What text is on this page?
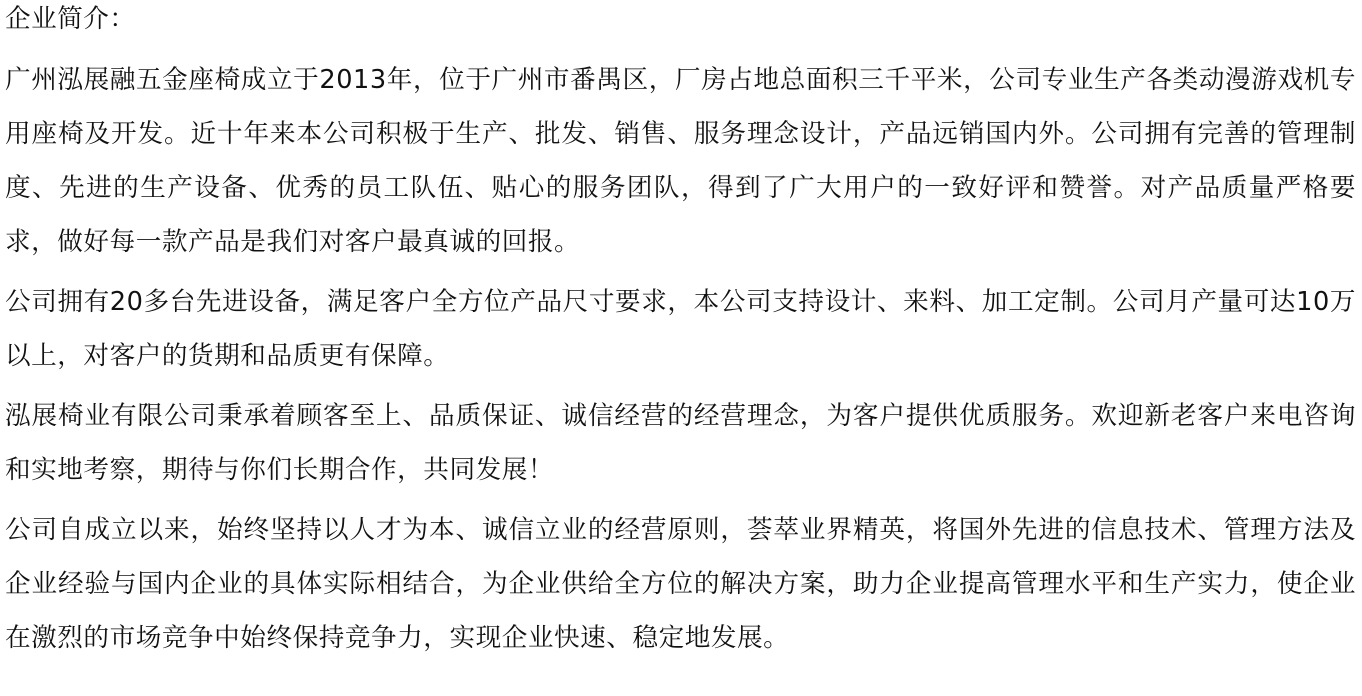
企业简介：

广州泓展融五金座椅成立于2013年，位于广州市番禺区，厂房占地总面积三千平米，公司专业生产各类动漫游戏机专用座椅及开发。近十年来本公司积极于生产、批发、销售、服务理念设计，产品远销国内外。公司拥有完善的管理制度、先进的生产设备、优秀的员工队伍、贴心的服务团队，得到了广大用户的一致好评和赞誉。对产品质量严格要求，做好每一款产品是我们对客户最真诚的回报。

公司拥有20多台先进设备，满足客户全方位产品尺寸要求，本公司支持设计、来料、加工定制。公司月产量可达10万以上，对客户的货期和品质更有保障。

泓展椅业有限公司秉承着顾客至上、品质保证、诚信经营的经营理念，为客户提供优质服务。欢迎新老客户来电咨询和实地考察，期待与你们长期合作，共同发展！

公司自成立以来，始终坚持以人才为本、诚信立业的经营原则，荟萃业界精英，将国外先进的信息技术、管理方法及企业经验与国内企业的具体实际相结合，为企业供给全方位的解决方案，助力企业提高管理水平和生产实力，使企业在激烈的市场竞争中始终保持竞争力，实现企业快速、稳定地发展。
